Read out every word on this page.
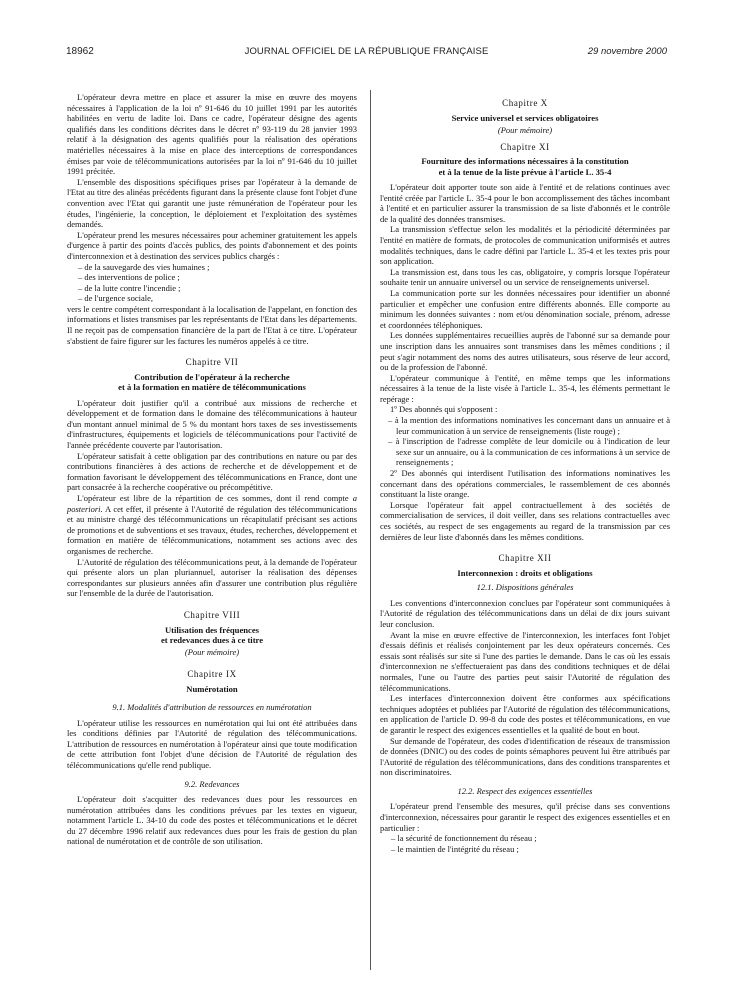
18962	JOURNAL OFFICIEL DE LA RÉPUBLIQUE FRANÇAISE	29 novembre 2000

L'opérateur devra mettre en place et assurer la mise en œuvre des moyens nécessaires à l'application de la loi nº 91-646 du 10 juillet 1991 par les autorités habilitées en vertu de ladite loi. Dans ce cadre, l'opérateur désigne des agents qualifiés dans les conditions décrites dans le décret nº 93-119 du 28 janvier 1993 relatif à la désignation des agents qualifiés pour la réalisation des opérations matérielles nécessaires à la mise en place des interceptions de correspondances émises par voie de télécommunications autorisées par la loi nº 91-646 du 10 juillet 1991 précitée.

L'ensemble des dispositions spécifiques prises par l'opérateur à la demande de l'Etat au titre des alinéas précédents figurant dans la présente clause font l'objet d'une convention avec l'Etat qui garantit une juste rémunération de l'opérateur pour les études, l'ingénierie, la conception, le déploiement et l'exploitation des systèmes demandés.

L'opérateur prend les mesures nécessaires pour acheminer gratuitement les appels d'urgence à partir des points d'accès publics, des points d'abonnement et des points d'interconnexion et à destination des services publics chargés :

– de la sauvegarde des vies humaines ;

– des interventions de police ;

– de la lutte contre l'incendie ;

– de l'urgence sociale,

vers le centre compétent correspondant à la localisation de l'appelant, en fonction des informations et listes transmises par les représentants de l'Etat dans les départements. Il ne reçoit pas de compensation financière de la part de l'Etat à ce titre. L'opérateur s'abstient de faire figurer sur les factures les numéros appelés à ce titre.

Chapitre VII
Contribution de l'opérateur à la recherche
et à la formation en matière de télécommunications

L'opérateur doit justifier qu'il a contribué aux missions de recherche et développement et de formation dans le domaine des télécommunications à hauteur d'un montant annuel minimal de 5 % du montant hors taxes de ses investissements d'infrastructures, équipements et logiciels de télécommunications pour l'activité de l'année précédente couverte par l'autorisation.

L'opérateur satisfait à cette obligation par des contributions en nature ou par des contributions financières à des actions de recherche et de développement et de formation favorisant le développement des télécommunications en France, dont une part consacrée à la recherche coopérative ou précompétitive.

L'opérateur est libre de la répartition de ces sommes, dont il rend compte a posteriori. A cet effet, il présente à l'Autorité de régulation des télécommunications et au ministre chargé des télécommunications un récapitulatif précisant ses actions de promotions et de subventions et ses travaux, études, recherches, développement et formation en matière de télécommunications, notamment ses actions avec des organismes de recherche.

L'Autorité de régulation des télécommunications peut, à la demande de l'opérateur qui présente alors un plan pluriannuel, autoriser la réalisation des dépenses correspondantes sur plusieurs années afin d'assurer une contribution plus régulière sur l'ensemble de la durée de l'autorisation.

Chapitre VIII
Utilisation des fréquences
et redevances dues à ce titre
(Pour mémoire)
Chapitre IX
Numérotation
9.1. Modalités d'attribution de ressources en numérotation

L'opérateur utilise les ressources en numérotation qui lui ont été attribuées dans les conditions définies par l'Autorité de régulation des télécommunications. L'attribution de ressources en numérotation à l'opérateur ainsi que toute modification de cette attribution font l'objet d'une décision de l'Autorité de régulation des télécommunications qu'elle rend publique.

9.2. Redevances

L'opérateur doit s'acquitter des redevances dues pour les ressources en numérotation attribuées dans les conditions prévues par les textes en vigueur, notamment l'article L. 34-10 du code des postes et télécommunications et le décret du 27 décembre 1996 relatif aux redevances dues pour les frais de gestion du plan national de numérotation et de contrôle de son utilisation.

Chapitre X
Service universel et services obligatoires
(Pour mémoire)
Chapitre XI
Fourniture des informations nécessaires à la constitution
et à la tenue de la liste prévue à l'article L. 35-4

L'opérateur doit apporter toute son aide à l'entité et de relations continues avec l'entité créée par l'article L. 35-4 pour le bon accomplissement des tâches incombant à l'entité et en particulier assurer la transmission de sa liste d'abonnés et le contrôle de la qualité des données transmises.

La transmission s'effectue selon les modalités et la périodicité déterminées par l'entité en matière de formats, de protocoles de communication uniformisés et autres modalités techniques, dans le cadre défini par l'article L. 35-4 et les textes pris pour son application.

La transmission est, dans tous les cas, obligatoire, y compris lorsque l'opérateur souhaite tenir un annuaire universel ou un service de renseignements universel.

La communication porte sur les données nécessaires pour identifier un abonné particulier et empêcher une confusion entre différents abonnés. Elle comporte au minimum les données suivantes : nom et/ou dénomination sociale, prénom, adresse et coordonnées téléphoniques.

Les données supplémentaires recueillies auprès de l'abonné sur sa demande pour une inscription dans les annuaires sont transmises dans les mêmes conditions ; il peut s'agir notamment des noms des autres utilisateurs, sous réserve de leur accord, ou de la profession de l'abonné.

L'opérateur communique à l'entité, en même temps que les informations nécessaires à la tenue de la liste visée à l'article L. 35-4, les éléments permettant le repérage :

1º Des abonnés qui s'opposent :

– à la mention des informations nominatives les concernant dans un annuaire et à leur communication à un service de renseignements (liste rouge) ;

– à l'inscription de l'adresse complète de leur domicile ou à l'indication de leur sexe sur un annuaire, ou à la communication de ces informations à un service de renseignements ;

2º Des abonnés qui interdisent l'utilisation des informations nominatives les concernant dans des opérations commerciales, le rassemblement de ces abonnés constituant la liste orange.

Lorsque l'opérateur fait appel contractuellement à des sociétés de commercialisation de services, il doit veiller, dans ses relations contractuelles avec ces sociétés, au respect de ses engagements au regard de la transmission par ces dernières de leur liste d'abonnés dans les mêmes conditions.

Chapitre XII
Interconnexion : droits et obligations
12.1. Dispositions générales

Les conventions d'interconnexion conclues par l'opérateur sont communiquées à l'Autorité de régulation des télécommunications dans un délai de dix jours suivant leur conclusion.

Avant la mise en œuvre effective de l'interconnexion, les interfaces font l'objet d'essais définis et réalisés conjointement par les deux opérateurs concernés. Ces essais sont réalisés sur site si l'une des parties le demande. Dans le cas où les essais d'interconnexion ne s'effectueraient pas dans des conditions techniques et de délai normales, l'une ou l'autre des parties peut saisir l'Autorité de régulation des télécommunications.

Les interfaces d'interconnexion doivent être conformes aux spécifications techniques adoptées et publiées par l'Autorité de régulation des télécommunications, en application de l'article D. 99-8 du code des postes et télécommunications, en vue de garantir le respect des exigences essentielles et la qualité de bout en bout.

Sur demande de l'opérateur, des codes d'identification de réseaux de transmission de données (DNIC) ou des codes de points sémaphores peuvent lui être attribués par l'Autorité de régulation des télécommunications, dans des conditions transparentes et non discriminatoires.

12.2. Respect des exigences essentielles

L'opérateur prend l'ensemble des mesures, qu'il précise dans ses conventions d'interconnexion, nécessaires pour garantir le respect des exigences essentielles et en particulier :

– la sécurité de fonctionnement du réseau ;

– le maintien de l'intégrité du réseau ;
